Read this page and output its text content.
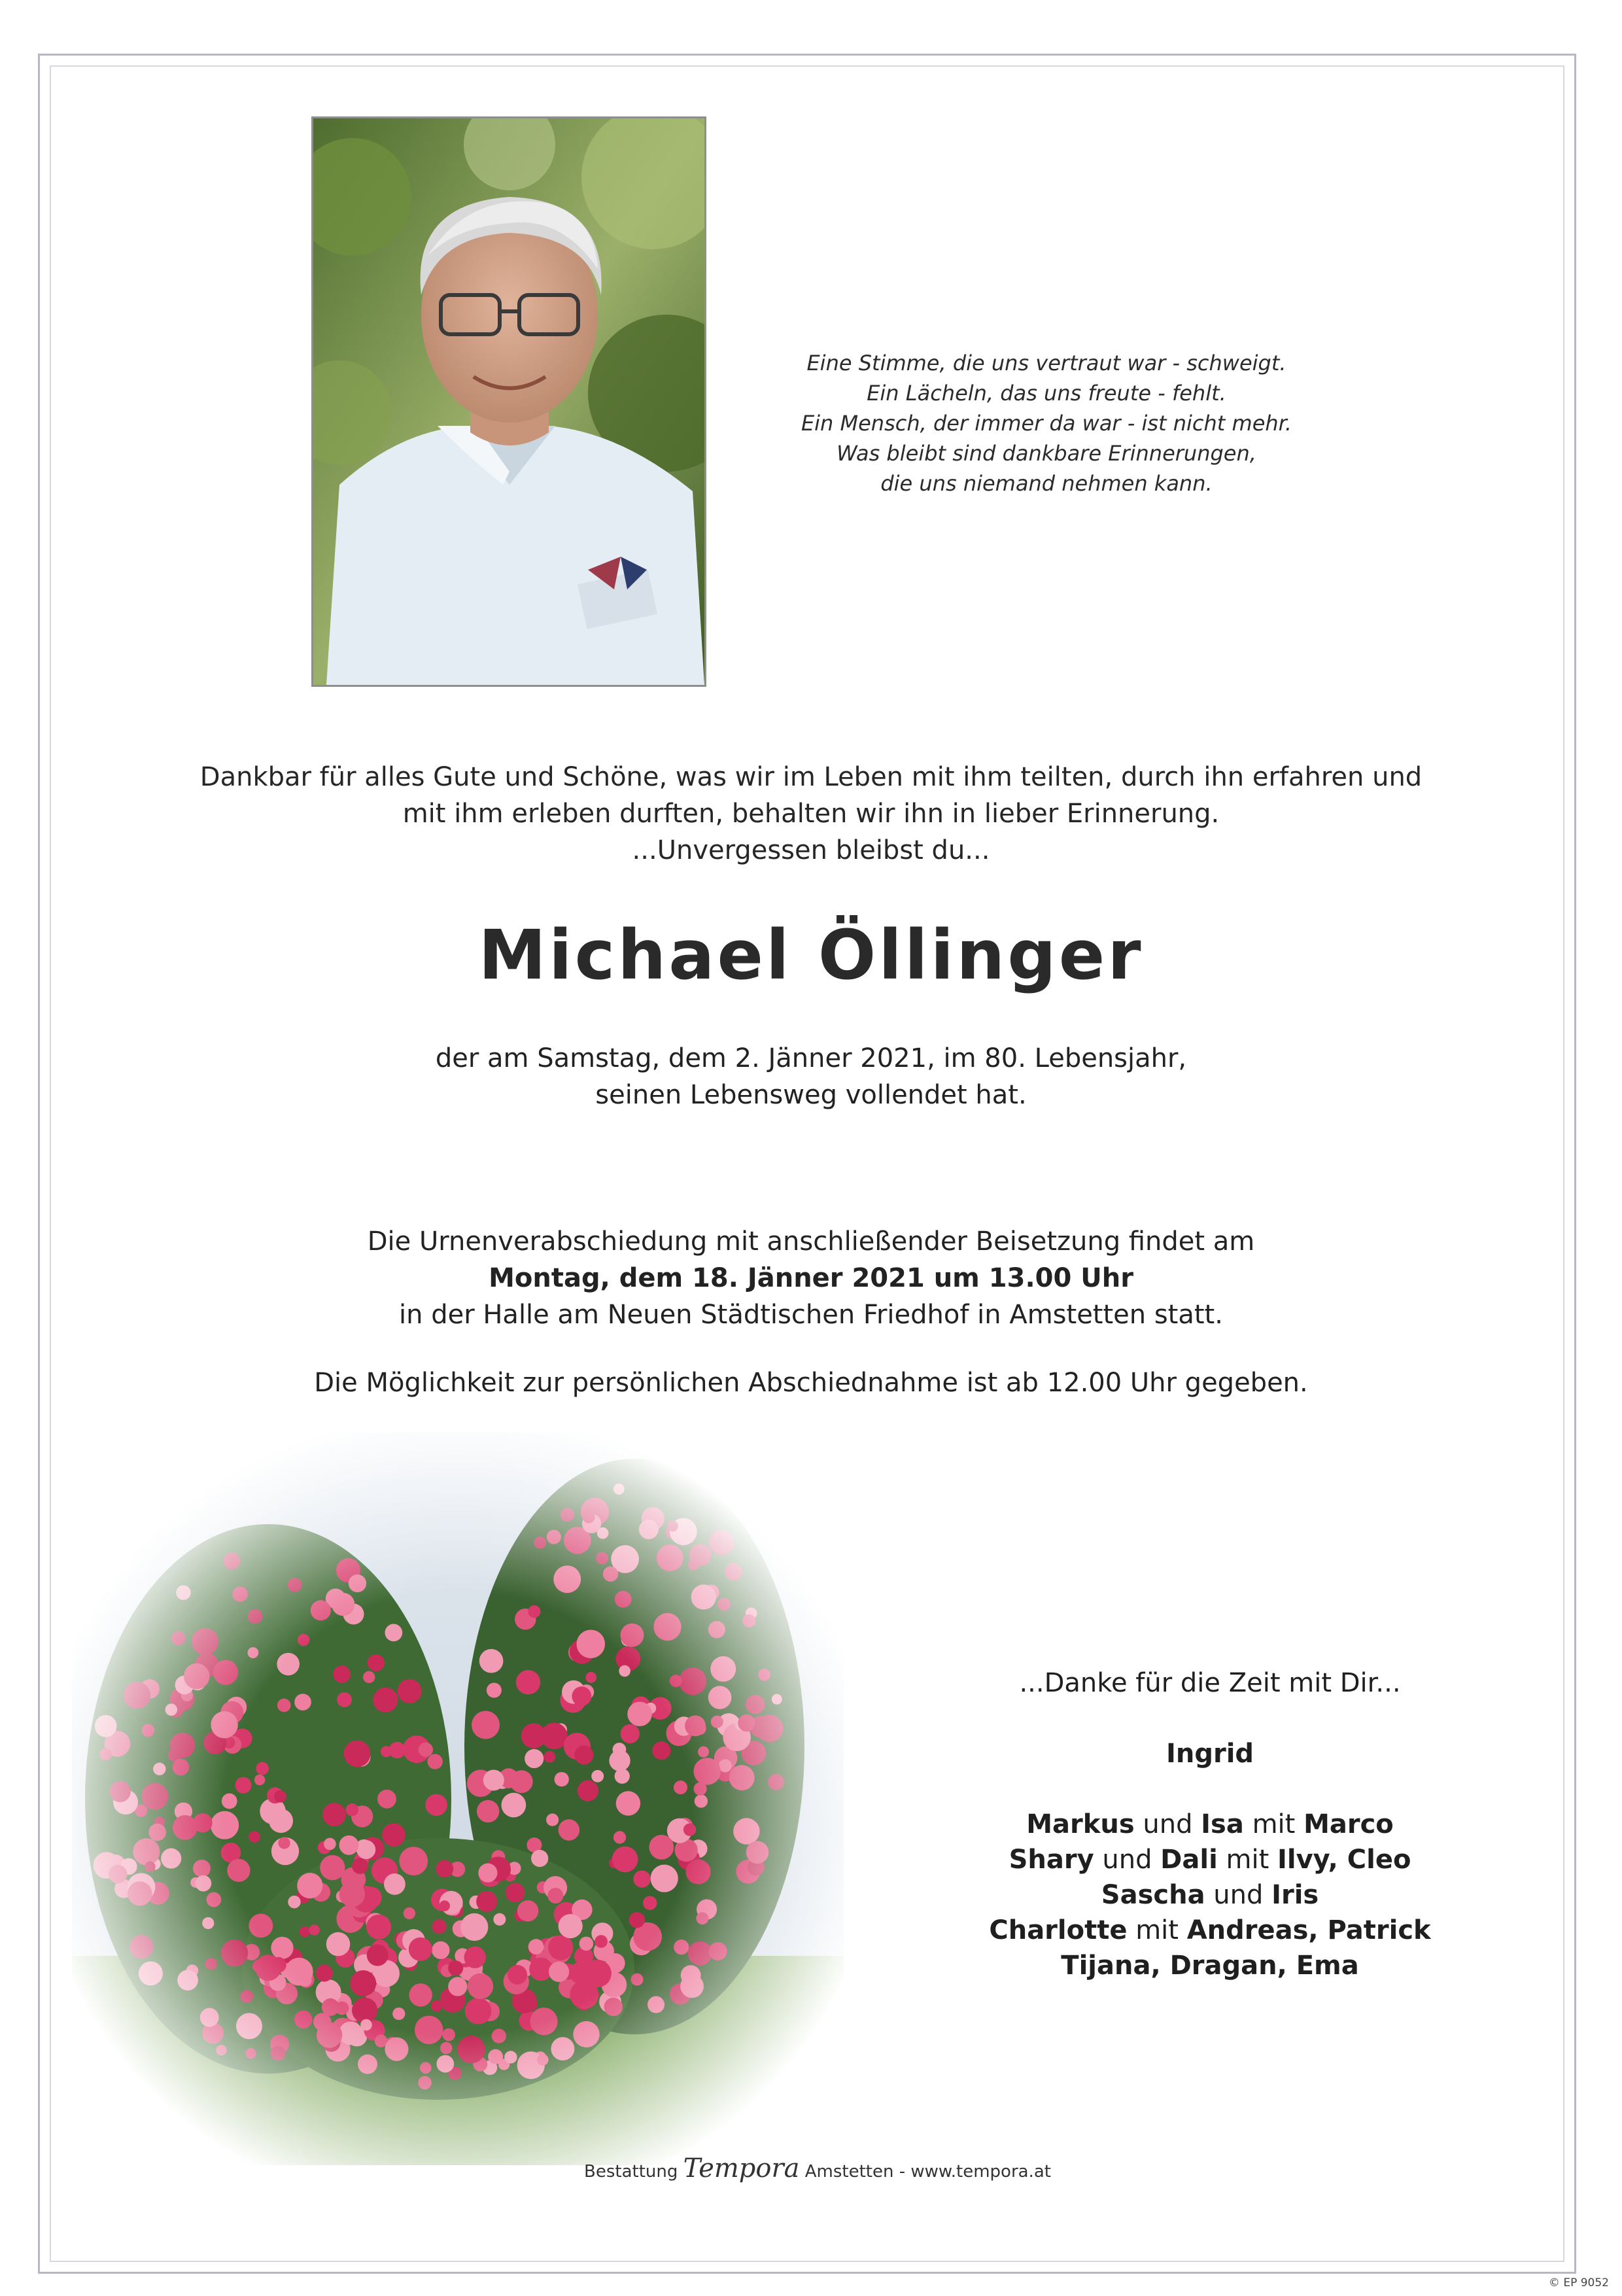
Eine Stimme, die uns vertraut war - schweigt.
Ein Lächeln, das uns freute - fehlt.
Ein Mensch, der immer da war - ist nicht mehr.
Was bleibt sind dankbare Erinnerungen,
die uns niemand nehmen kann.
Dankbar für alles Gute und Schöne, was wir im Leben mit ihm teilten, durch ihn erfahren und
mit ihm erleben durften, behalten wir ihn in lieber Erinnerung.
...Unvergessen bleibst du...
Michael Öllinger
der am Samstag, dem 2. Jänner 2021, im 80. Lebensjahr,
seinen Lebensweg vollendet hat.
Die Urnenverabschiedung mit anschließender Beisetzung findet am
Montag, dem 18. Jänner 2021 um 13.00 Uhr
in der Halle am Neuen Städtischen Friedhof in Amstetten statt.
Die Möglichkeit zur persönlichen Abschiednahme ist ab 12.00 Uhr gegeben.
...Danke für die Zeit mit Dir...
Ingrid
Markus und Isa mit Marco
Shary und Dali mit Ilvy, Cleo
Sascha und Iris
Charlotte mit Andreas, Patrick
Tijana, Dragan, Ema
Bestattung Tempora Amstetten - www.tempora.at
© EP 9052
